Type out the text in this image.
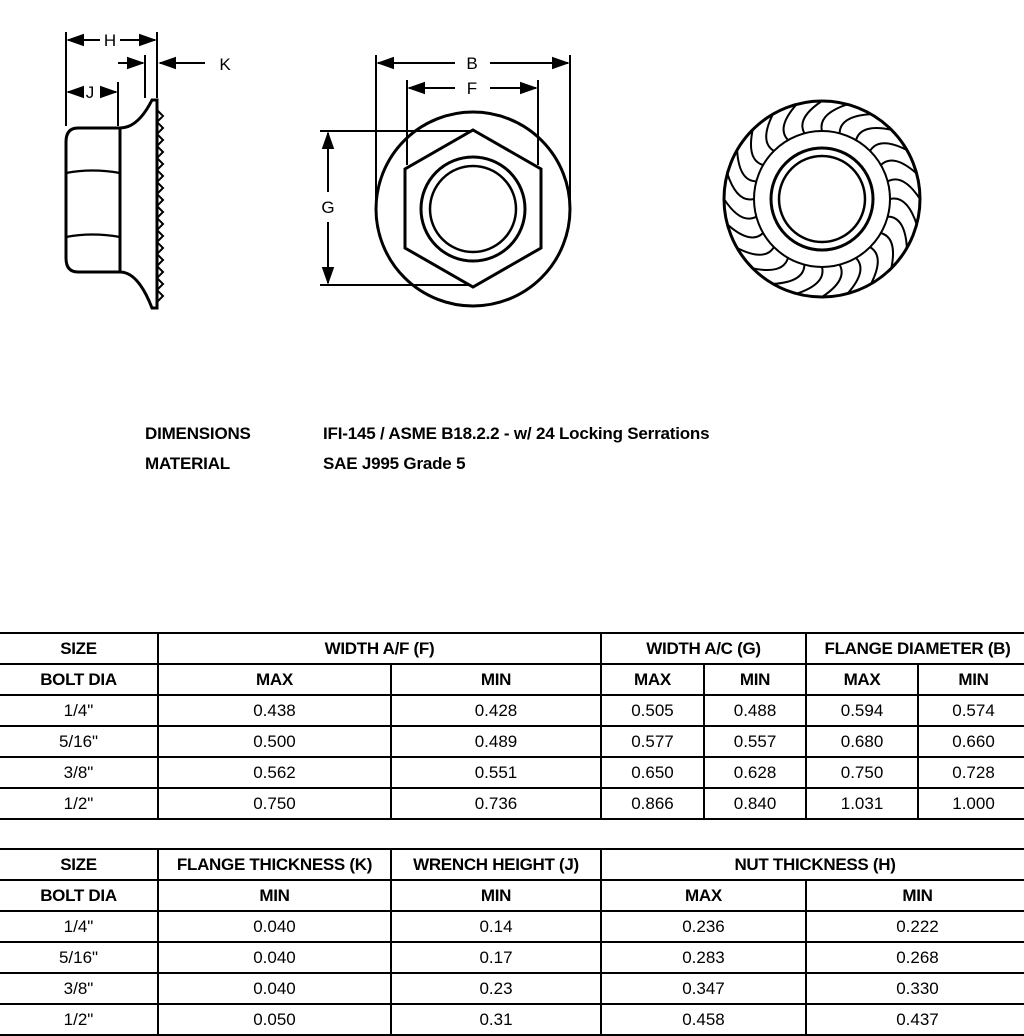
H
J
K	B
F
G
DIMENSIONS	IFI-145 / ASME B18.2.2 - w/ 24 Locking Serrations
MATERIAL	SAE J995 Grade 5
SIZE	WIDTH A/F (F)		WIDTH A/C (G)		FLANGE DIAMETER (B)	
BOLT DIA	MAX	MIN	MAX	MIN	MAX	MIN
1/4"	0.438	0.428	0.505	0.488	0.594	0.574
5/16"	0.500	0.489	0.577	0.557	0.680	0.660
3/8"	0.562	0.551	0.650	0.628	0.750	0.728
1/2"	0.750	0.736	0.866	0.840	1.031	1.000
SIZE	FLANGE THICKNESS (K)	WRENCH HEIGHT (J)	NUT THICKNESS (H)	
BOLT DIA	MIN	MIN	MAX	MIN
1/4"	0.040	0.14	0.236	0.222
5/16"	0.040	0.17	0.283	0.268
3/8"	0.040	0.23	0.347	0.330
1/2"	0.050	0.31	0.458	0.437
